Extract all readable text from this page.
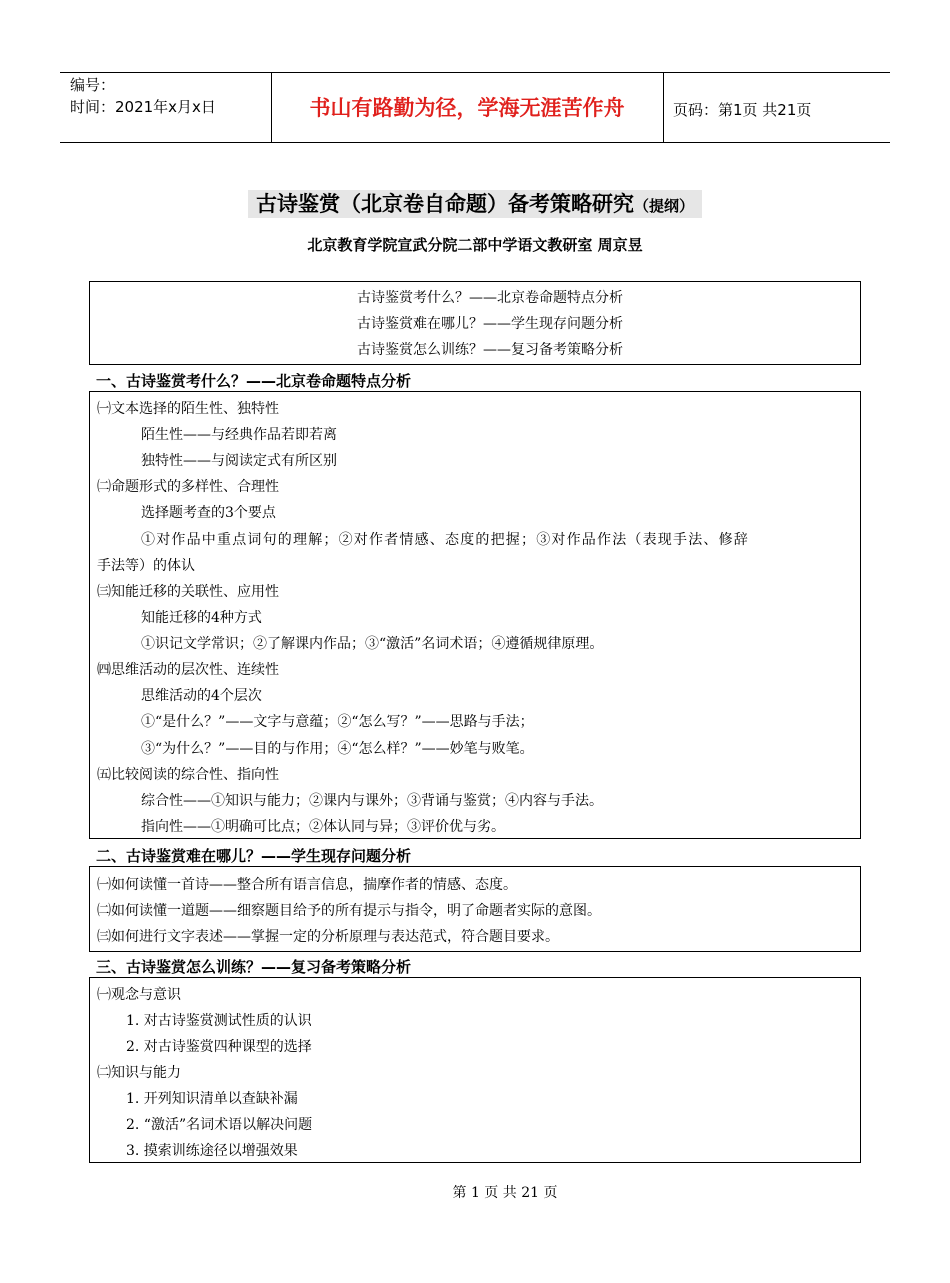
编号：
时间：2021年x月x日	书山有路勤为径，学海无涯苦作舟	页码：第1页 共21页
古诗鉴赏（北京卷自命题）备考策略研究（提纲）
北京教育学院宣武分院二部中学语文教研室 周京昱
古诗鉴赏考什么？——北京卷命题特点分析
古诗鉴赏难在哪儿？——学生现存问题分析
古诗鉴赏怎么训练？——复习备考策略分析
一、古诗鉴赏考什么？——北京卷命题特点分析
㈠文本选择的陌生性、独特性
陌生性——与经典作品若即若离
独特性——与阅读定式有所区别
㈡命题形式的多样性、合理性
选择题考查的3个要点
①对作品中重点词句的理解；②对作者情感、态度的把握；③对作品作法（表现手法、修辞
手法等）的体认
㈢知能迁移的关联性、应用性
知能迁移的4种方式
①识记文学常识；②了解课内作品；③“激活”名词术语；④遵循规律原理。
㈣思维活动的层次性、连续性
思维活动的4个层次
①“是什么？”——文字与意蕴；②“怎么写？”——思路与手法；
③“为什么？”——目的与作用；④“怎么样？”——妙笔与败笔。
㈤比较阅读的综合性、指向性
综合性——①知识与能力；②课内与课外；③背诵与鉴赏；④内容与手法。
指向性——①明确可比点；②体认同与异；③评价优与劣。
二、古诗鉴赏难在哪儿？——学生现存问题分析
㈠如何读懂一首诗——整合所有语言信息，揣摩作者的情感、态度。
㈡如何读懂一道题——细察题目给予的所有提示与指令，明了命题者实际的意图。
㈢如何进行文字表述——掌握一定的分析原理与表达范式，符合题目要求。
三、古诗鉴赏怎么训练？——复习备考策略分析
㈠观念与意识
1. 对古诗鉴赏测试性质的认识
2. 对古诗鉴赏四种课型的选择
㈡知识与能力
1. 开列知识清单以查缺补漏
2. “激活”名词术语以解决问题
3. 摸索训练途径以增强效果
第 1 页 共 21 页
